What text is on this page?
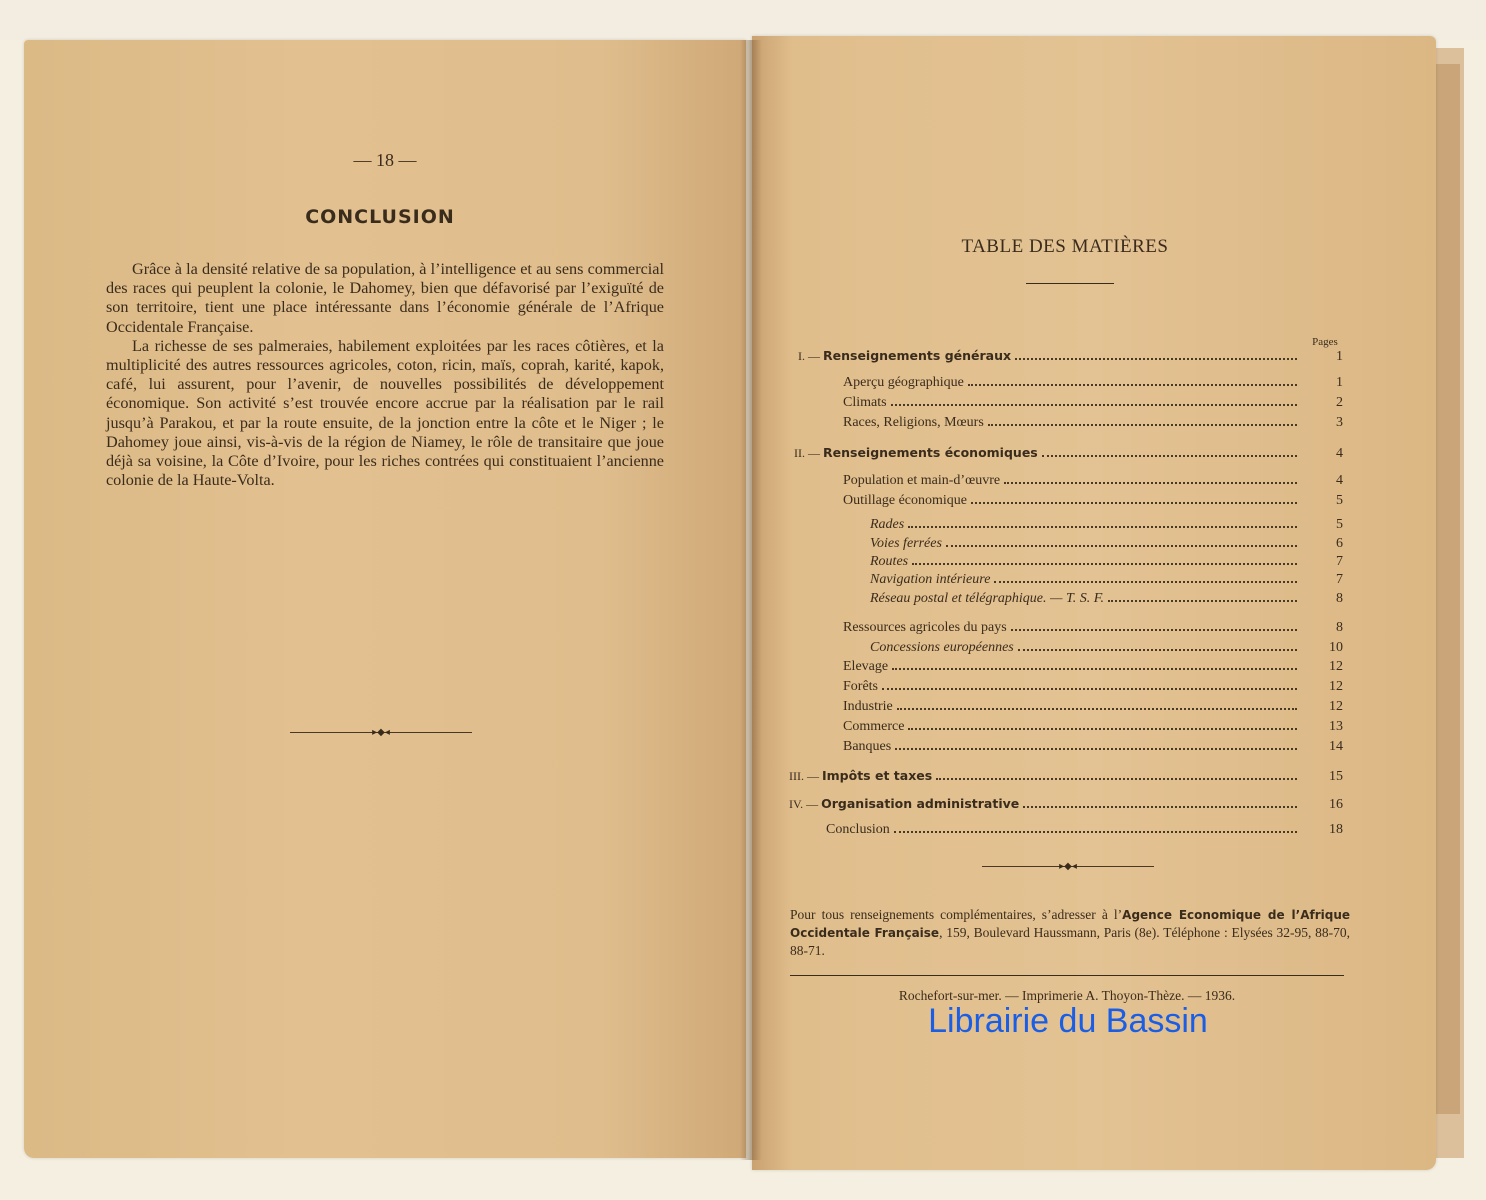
— 18 —
CONCLUSION

Grâce à la densité relative de sa population, à l’intelligence et au sens commercial des races qui peuplent la colonie, le Dahomey, bien que défavorisé par l’exiguïté de son territoire, tient une place intéressante dans l’économie générale de l’Afrique Occidentale Française.

La richesse de ses palmeraies, habilement exploitées par les races côtières, et la multiplicité des autres ressources agricoles, coton, ricin, maïs, coprah, karité, kapok, café, lui assurent, pour l’avenir, de nouvelles possibilités de développement économique. Son activité s’est trouvée encore accrue par la réalisation par le rail jusqu’à Parakou, et par la route ensuite, de la jonction entre la côte et le Niger ; le Dahomey joue ainsi, vis-à-vis de la région de Niamey, le rôle de transitaire que joue déjà sa voisine, la Côte d’Ivoire, pour les riches contrées qui constituaient l’ancienne colonie de la Haute-Volta.

▸◆◂
TABLE DES MATIÈRES
Pages
I. — Renseignements généraux	1
Aperçu géographique	1
Climats	2
Races, Religions, Mœurs	3
II. — Renseignements économiques	4
Population et main-d’œuvre	4
Outillage économique	5
Rades	5
Voies ferrées	6
Routes	7
Navigation intérieure	7
Réseau postal et télégraphique. — T. S. F.	8
Ressources agricoles du pays	8
Concessions européennes	10
Elevage	12
Forêts	12
Industrie	12
Commerce	13
Banques	14
III. — Impôts et taxes	15
IV. — Organisation administrative	16
Conclusion	18
▸◆◂

Pour tous renseignements complémentaires, s’adresser à l’Agence Economique de l’Afrique Occidentale Française, 159, Boulevard Haussmann, Paris (8e). Téléphone : Elysées 32-95, 88-70, 88-71.

Rochefort-sur-mer. — Imprimerie A. Thoyon-Thèze. — 1936.
Librairie du Bassin
